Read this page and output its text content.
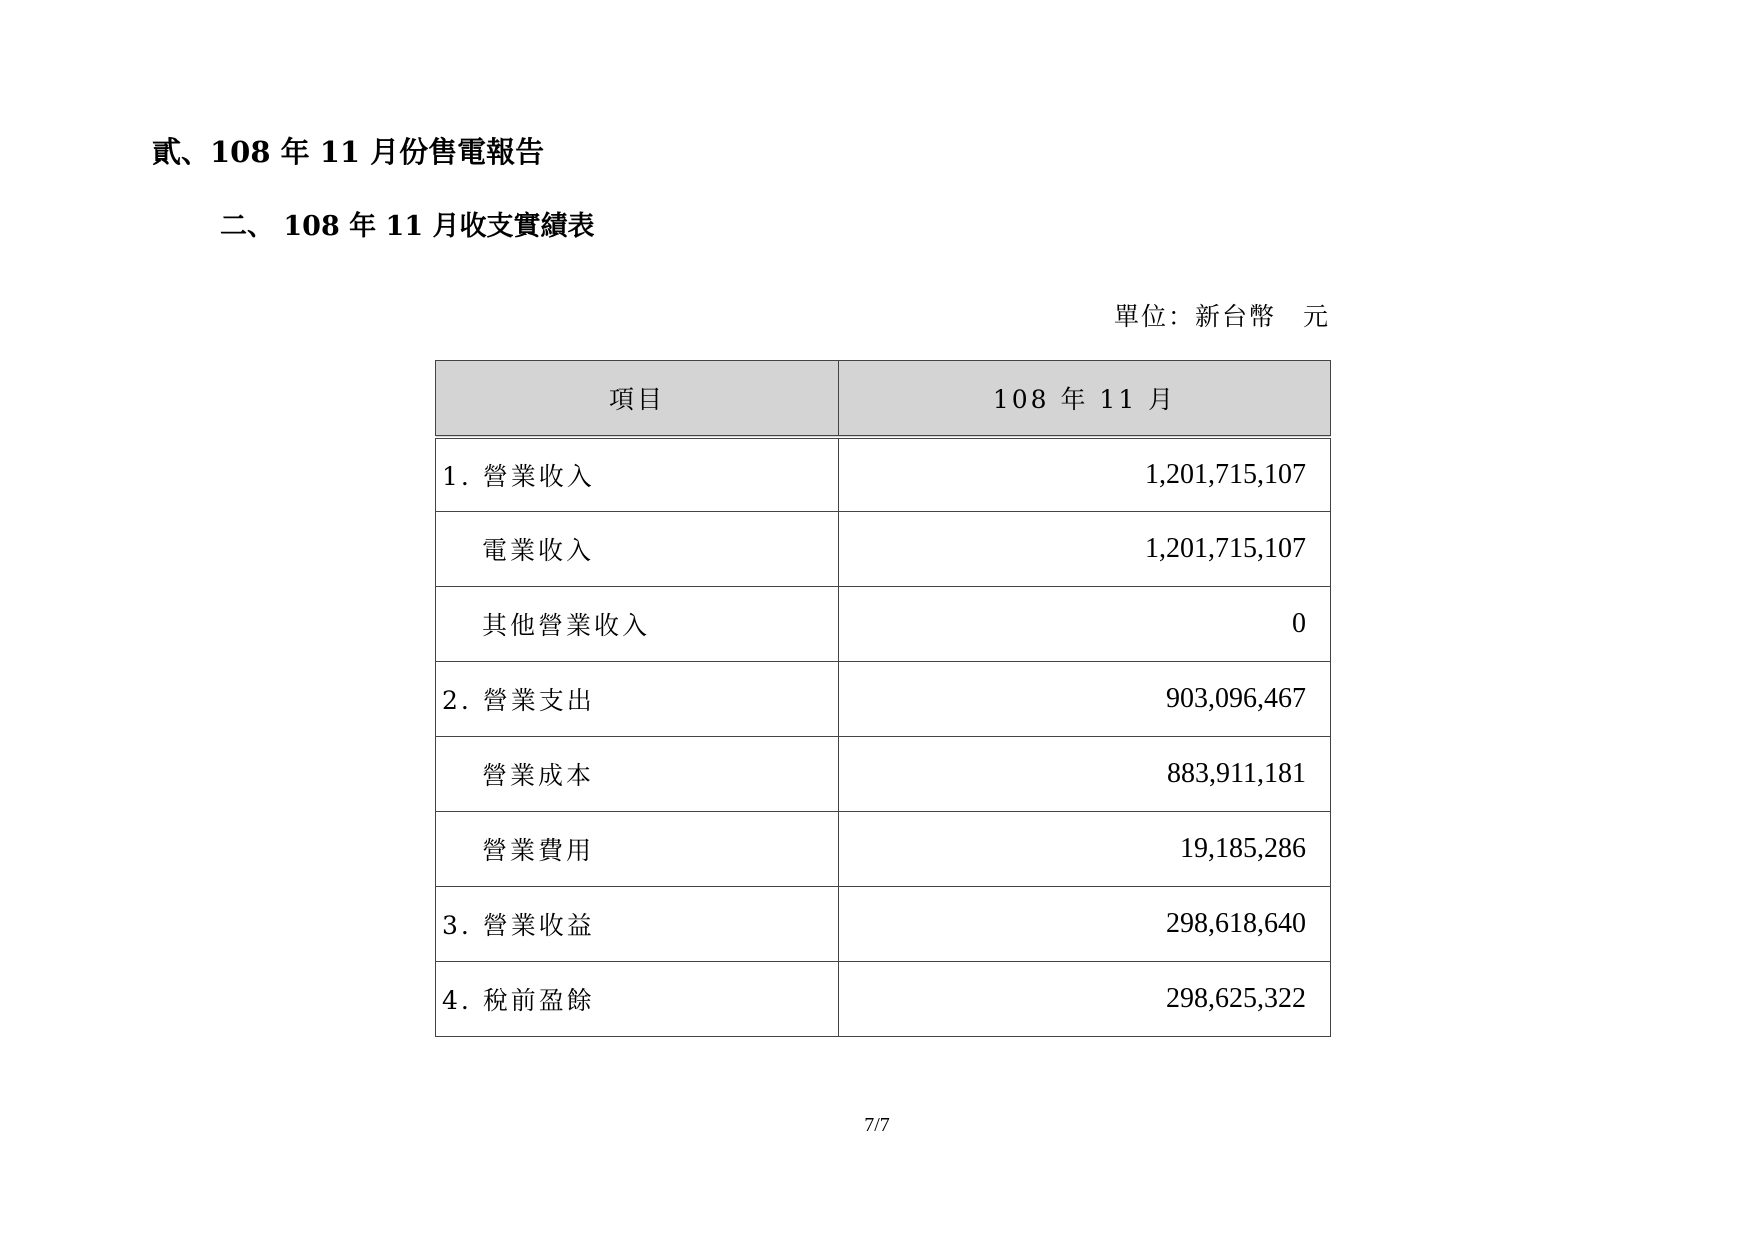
貳、108 年 11 月份售電報告
二、 108 年 11 月收支實績表
單位：新台幣　元
項目	108 年 11 月
1. 營業收入	1,201,715,107
電業收入	1,201,715,107
其他營業收入	0
2. 營業支出	903,096,467
營業成本	883,911,181
營業費用	19,185,286
3. 營業收益	298,618,640
4. 稅前盈餘	298,625,322
7/7
